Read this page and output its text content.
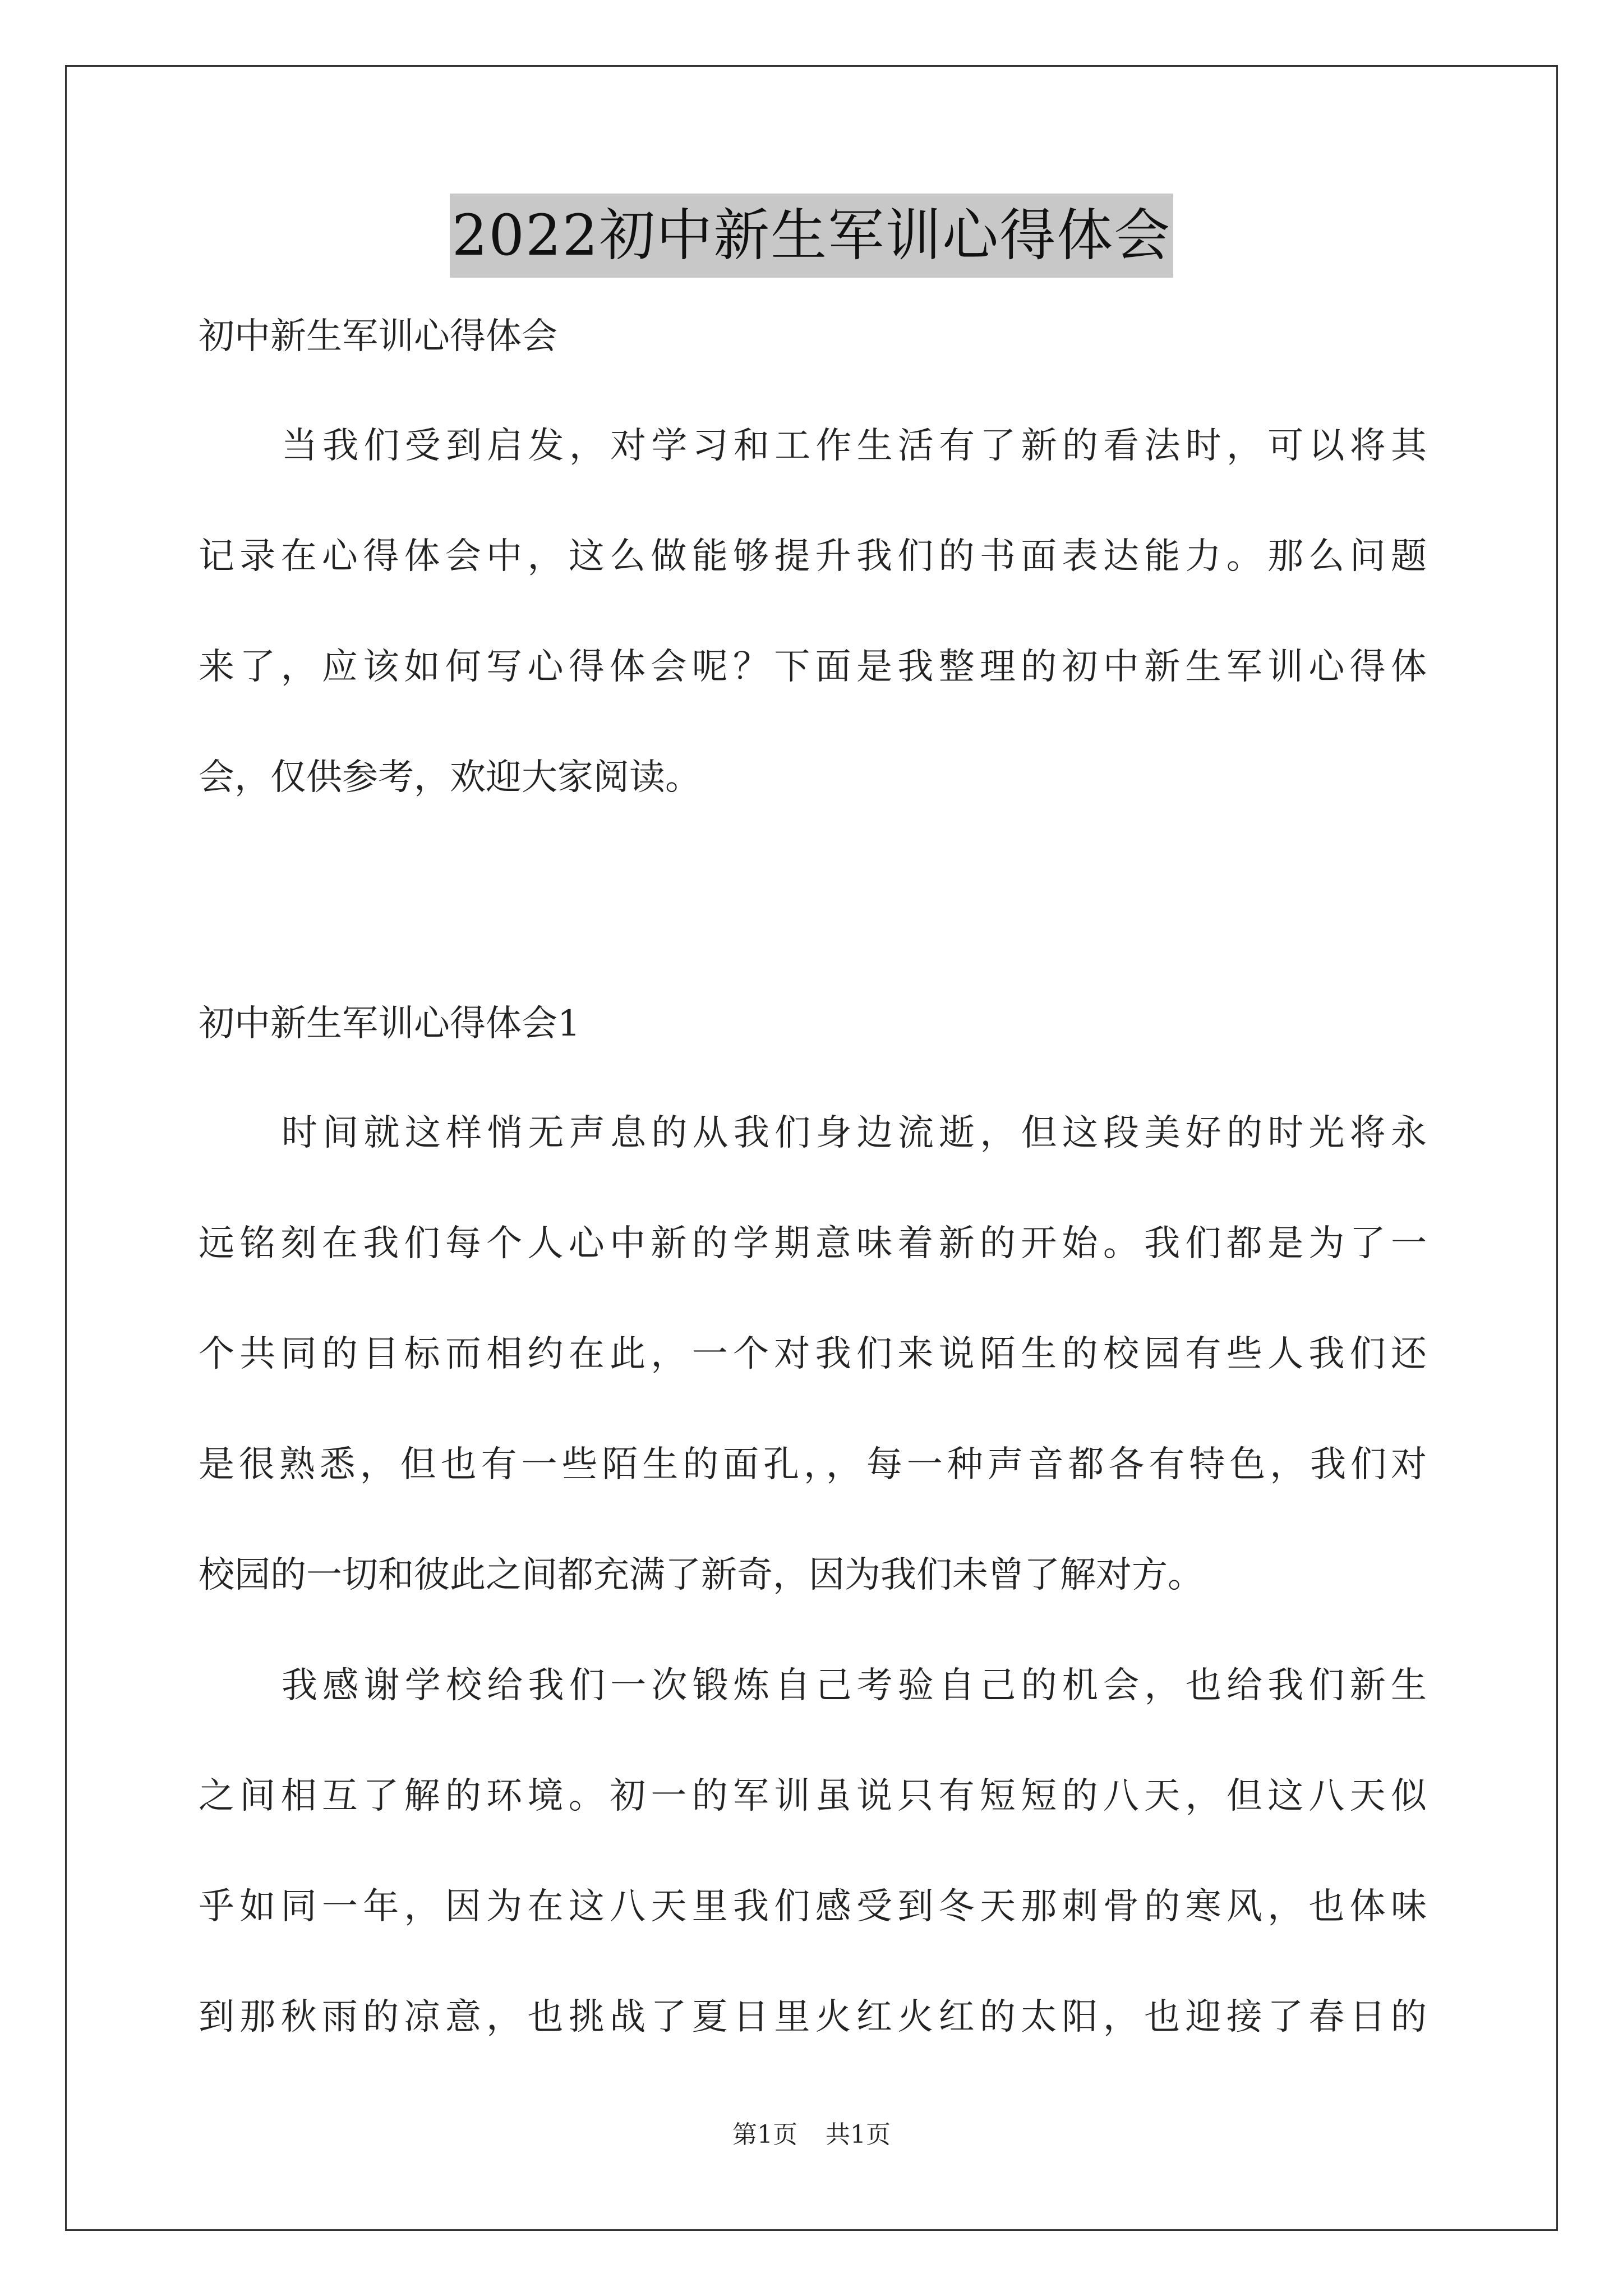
2022初中新生军训心得体会
初中新生军训心得体会
当我们受到启发，对学习和工作生活有了新的看法时，可以将其
记录在心得体会中，这么做能够提升我们的书面表达能力。那么问题
来了，应该如何写心得体会呢？下面是我整理的初中新生军训心得体
会，仅供参考，欢迎大家阅读。
初中新生军训心得体会1
时间就这样悄无声息的从我们身边流逝，但这段美好的时光将永
远铭刻在我们每个人心中新的学期意味着新的开始。我们都是为了一
个共同的目标而相约在此，一个对我们来说陌生的校园有些人我们还
是很熟悉，但也有一些陌生的面孔，，每一种声音都各有特色，我们对
校园的一切和彼此之间都充满了新奇，因为我们未曾了解对方。
我感谢学校给我们一次锻炼自己考验自己的机会，也给我们新生
之间相互了解的环境。初一的军训虽说只有短短的八天，但这八天似
乎如同一年，因为在这八天里我们感受到冬天那刺骨的寒风，也体味
到那秋雨的凉意，也挑战了夏日里火红火红的太阳，也迎接了春日的
第1页 共1页
